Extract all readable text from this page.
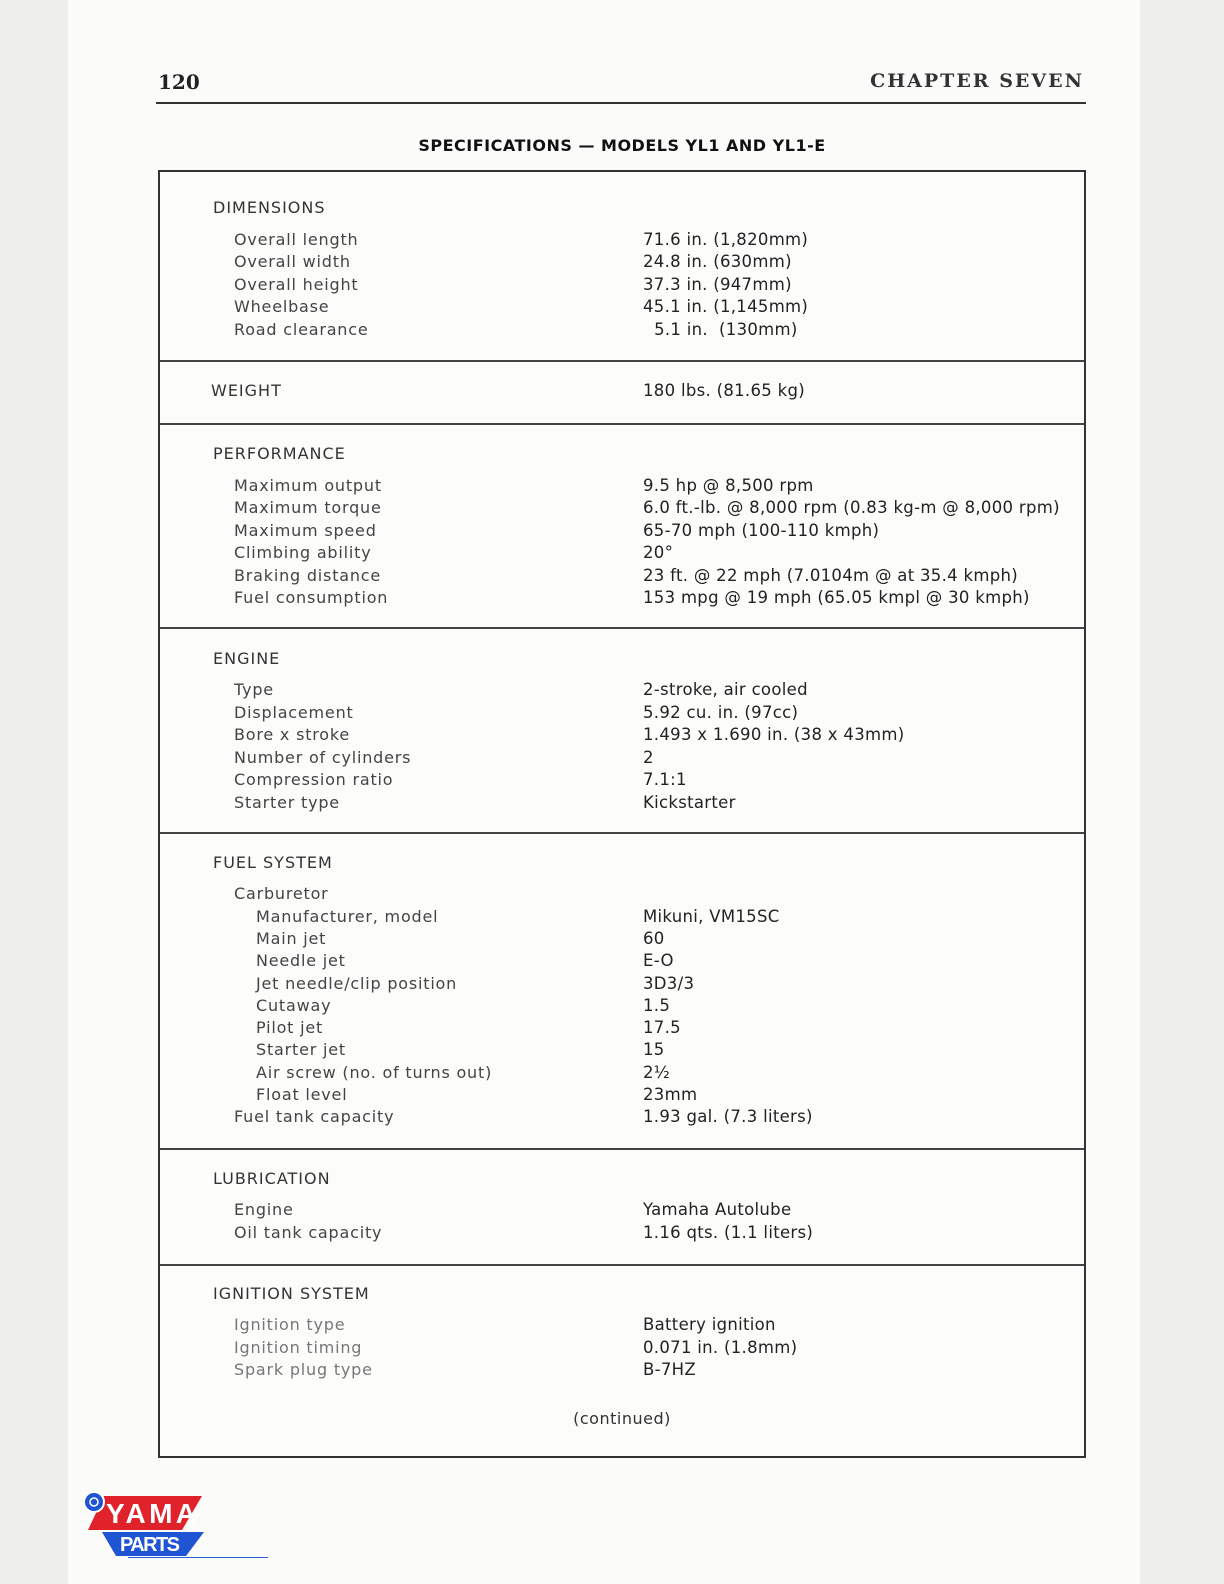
120	CHAPTER SEVEN
SPECIFICATIONS — MODELS YL1 AND YL1-E
DIMENSIONS
Overall length	71.6 in. (1,820mm)
Overall width	24.8 in. (630mm)
Overall height	37.3 in. (947mm)
Wheelbase	45.1 in. (1,145mm)
Road clearance	5.1 in.  (130mm)
WEIGHT	180 lbs. (81.65 kg)
PERFORMANCE
Maximum output	9.5 hp @ 8,500 rpm
Maximum torque	6.0 ft.-lb. @ 8,000 rpm (0.83 kg-m @ 8,000 rpm)
Maximum speed	65-70 mph (100-110 kmph)
Climbing ability	20°
Braking distance	23 ft. @ 22 mph (7.0104m @ at 35.4 kmph)
Fuel consumption	153 mpg @ 19 mph (65.05 kmpl @ 30 kmph)
ENGINE
Type	2-stroke, air cooled
Displacement	5.92 cu. in. (97cc)
Bore x stroke	1.493 x 1.690 in. (38 x 43mm)
Number of cylinders	2
Compression ratio	7.1:1
Starter type	Kickstarter
FUEL SYSTEM
Carburetor
Manufacturer, model	Mikuni, VM15SC
Main jet	60
Needle jet	E-O
Jet needle/clip position	3D3/3
Cutaway	1.5
Pilot jet	17.5
Starter jet	15
Air screw (no. of turns out)	2½
Float level	23mm
Fuel tank capacity	1.93 gal. (7.3 liters)
LUBRICATION
Engine	Yamaha Autolube
Oil tank capacity	1.16 qts. (1.1 liters)
IGNITION SYSTEM
Ignition type	Battery ignition
Ignition timing	0.071 in. (1.8mm)
Spark plug type	B-7HZ
(continued)
YAMA
PARTS
